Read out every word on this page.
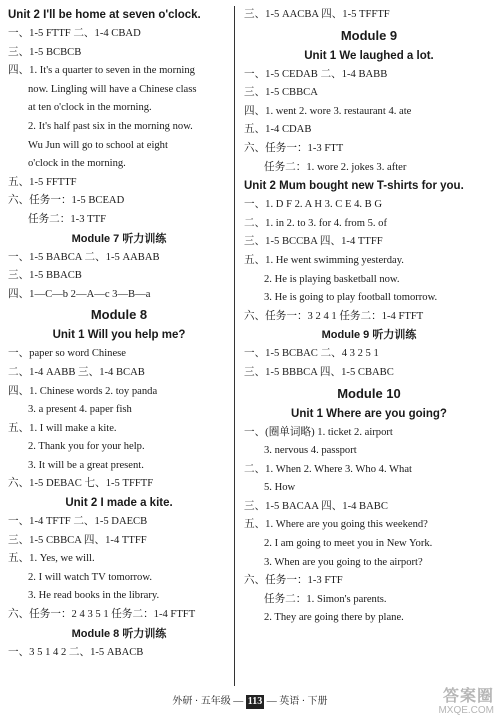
Unit 2 I'll be home at seven o'clock.
一、1-5 FTTF 二、1-4 CBAD
三、1-5 BCBCB
四、1. It's a quarter to seven in the morning
now. Lingling will have a Chinese class
at ten o'clock in the morning.
2. It's half past six in the morning now.
Wu Jun will go to school at eight
o'clock in the morning.
五、1-5 FFTTF
六、任务一：1-5 BCEAD
任务二：1-3 TTF
Module 7 听力训练
一、1-5 BABCA 二、1-5 AABAB
三、1-5 BBACB
四、1—C—b 2—A—c 3—B—a
Module 8
Unit 1 Will you help me?
一、paper so word Chinese
二、1-4 AABB 三、1-4 BCAB
四、1. Chinese words 2. toy panda
3. a present 4. paper fish
五、1. I will make a kite.
2. Thank you for your help.
3. It will be a great present.
六、1-5 DEBAC 七、1-5 TFFTF
Unit 2 I made a kite.
一、1-4 TFTF 二、1-5 DAECB
三、1-5 CBBCA 四、1-4 TTFF
五、1. Yes, we will.
2. I will watch TV tomorrow.
3. He read books in the library.
六、任务一：2 4 3 5 1 任务二：1-4 FTFT
Module 8 听力训练
一、3 5 1 4 2 二、1-5 ABACB
三、1-5 AACBA 四、1-5 TFFTF
Module 9
Unit 1 We laughed a lot.
一、1-5 CEDAB 二、1-4 BABB
三、1-5 CBBCA
四、1. went 2. wore 3. restaurant 4. ate
五、1-4 CDAB
六、任务一：1-3 FTT
任务二：1. wore 2. jokes 3. after
Unit 2 Mum bought new T-shirts for you.
一、1. D F 2. A H 3. C E 4. B G
二、1. in 2. to 3. for 4. from 5. of
三、1-5 BCCBA 四、1-4 TTFF
五、1. He went swimming yesterday.
2. He is playing basketball now.
3. He is going to play football tomorrow.
六、任务一：3 2 4 1 任务二：1-4 FTFT
Module 9 听力训练
一、1-5 BCBAC 二、4 3 2 5 1
三、1-5 BBBCA 四、1-5 CBABC
Module 10
Unit 1 Where are you going?
一、(圈单词略) 1. ticket 2. airport
3. nervous 4. passport
二、1. When 2. Where 3. Who 4. What
5. How
三、1-5 BACAA 四、1-4 BABC
五、1. Where are you going this weekend?
2. I am going to meet you in New York.
3. When are you going to the airport?
六、任务一：1-3 FTF
任务二：1. Simon's parents.
2. They are going there by plane.
外研 · 五年级 — 113 — 英语 · 下册	答案圈
MXQE.COM
